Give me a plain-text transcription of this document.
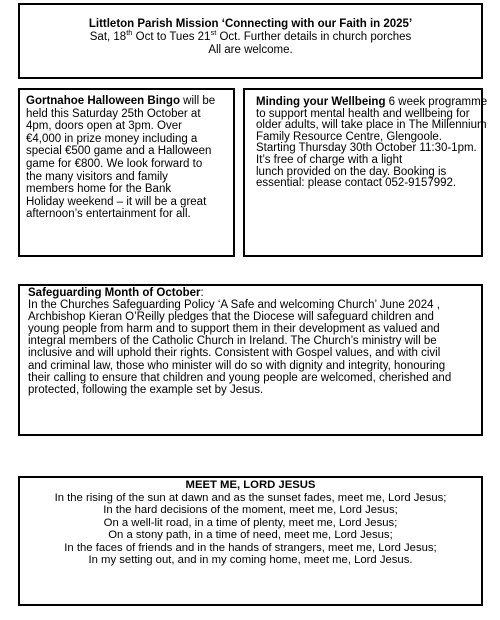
Littleton Parish Mission ‘Connecting with our Faith in 2025’
Sat, 18th Oct to Tues 21st Oct. Further details in church porches
All are welcome.
Gortnahoe Halloween Bingo will be
held this Saturday 25th October at
4pm, doors open at 3pm. Over
€4,000 in prize money including a
special €500 game and a Halloween
game for €800. We look forward to
the many visitors and family
members home for the Bank
Holiday weekend – it will be a great
afternoon’s entertainment for all.
Minding your Wellbeing 6 week programme
to support mental health and wellbeing for
older adults, will take place in The Millennium
Family Resource Centre, Glengoole.
Starting Thursday 30th October 11:30-1pm.
It’s free of charge with a light
lunch provided on the day. Booking is
essential: please contact 052-9157992.
Safeguarding Month of October:
In the Churches Safeguarding Policy ‘A Safe and welcoming Church’ June 2024 ,
Archbishop Kieran O’Reilly pledges that the Diocese will safeguard children and
young people from harm and to support them in their development as valued and
integral members of the Catholic Church in Ireland. The Church’s ministry will be
inclusive and will uphold their rights. Consistent with Gospel values, and with civil
and criminal law, those who minister will do so with dignity and integrity, honouring
their calling to ensure that children and young people are welcomed, cherished and
protected, following the example set by Jesus.
MEET ME, LORD JESUS
In the rising of the sun at dawn and as the sunset fades, meet me, Lord Jesus;
In the hard decisions of the moment, meet me, Lord Jesus;
On a well-lit road, in a time of plenty, meet me, Lord Jesus;
On a stony path, in a time of need, meet me, Lord Jesus;
In the faces of friends and in the hands of strangers, meet me, Lord Jesus;
In my setting out, and in my coming home, meet me, Lord Jesus.
